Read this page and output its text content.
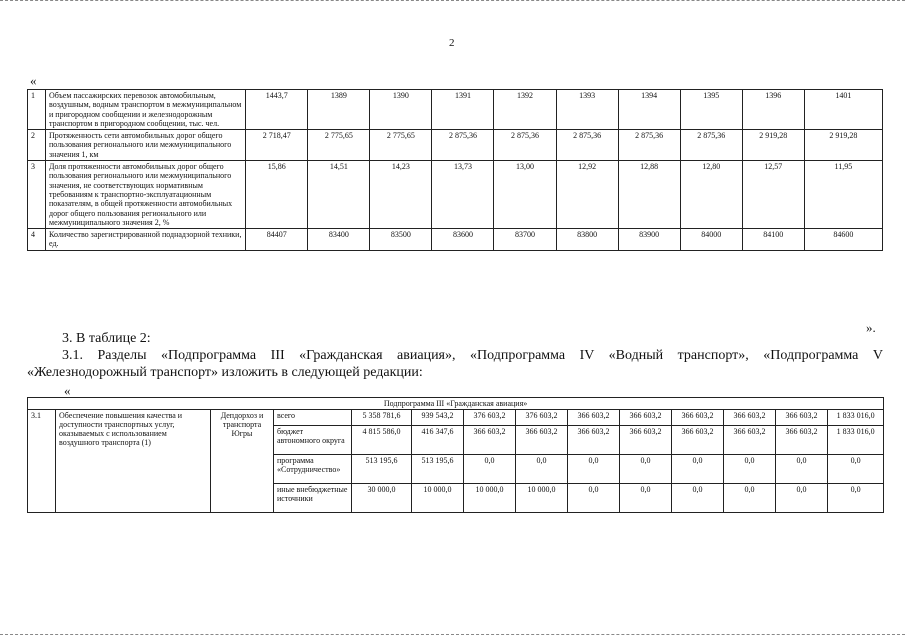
2
«
1	Объем пассажирских перевозок автомобильным, воздушным, водным транспортом в межмуниципальном и пригородном сообщении и железнодорожным транспортом в пригородном сообщении, тыс. чел.	1443,7	1389	1390	1391	1392	1393	1394	1395	1396	1401
2	Протяженность сети автомобильных дорог общего пользования регионального или межмуниципального значения 1, км	2 718,47	2 775,65	2 775,65	2 875,36	2 875,36	2 875,36	2 875,36	2 875,36	2 919,28	2 919,28
3	Доля протяженности автомобильных дорог общего пользования регионального или межмуниципального значения, не соответствующих нормативным требованиям к транспортно-эксплуатационным показателям, в общей протяженности автомобильных дорог общего пользования регионального или межмуниципального значения 2, %	15,86	14,51	14,23	13,73	13,00	12,92	12,88	12,80	12,57	11,95
4	Количество зарегистрированной поднадзорной техники, ед.	84407	83400	83500	83600	83700	83800	83900	84000	84100	84600
».
3. В таблице 2:
3.1. Разделы «Подпрограмма III «Гражданская авиация», «Подпрограмма IV «Водный транспорт», «Подпрограмма V «Железнодорожный транспорт» изложить в следующей редакции:
«
Подпрограмма III «Гражданская авиация»													
3.1	Обеспечение повышения качества и доступности транспортных услуг, оказываемых с использованием воздушного транспорта (1)	Депдорхоз и транспорта Югры	всего	5 358 781,6	939 543,2	376 603,2	376 603,2	366 603,2	366 603,2	366 603,2	366 603,2	366 603,2	1 833 016,0
			бюджет автономного округа	4 815 586,0	416 347,6	366 603,2	366 603,2	366 603,2	366 603,2	366 603,2	366 603,2	366 603,2	1 833 016,0
			программа «Сотрудничество»	513 195,6	513 195,6	0,0	0,0	0,0	0,0	0,0	0,0	0,0	0,0
			иные внебюджетные источники	30 000,0	10 000,0	10 000,0	10 000,0	0,0	0,0	0,0	0,0	0,0	0,0
